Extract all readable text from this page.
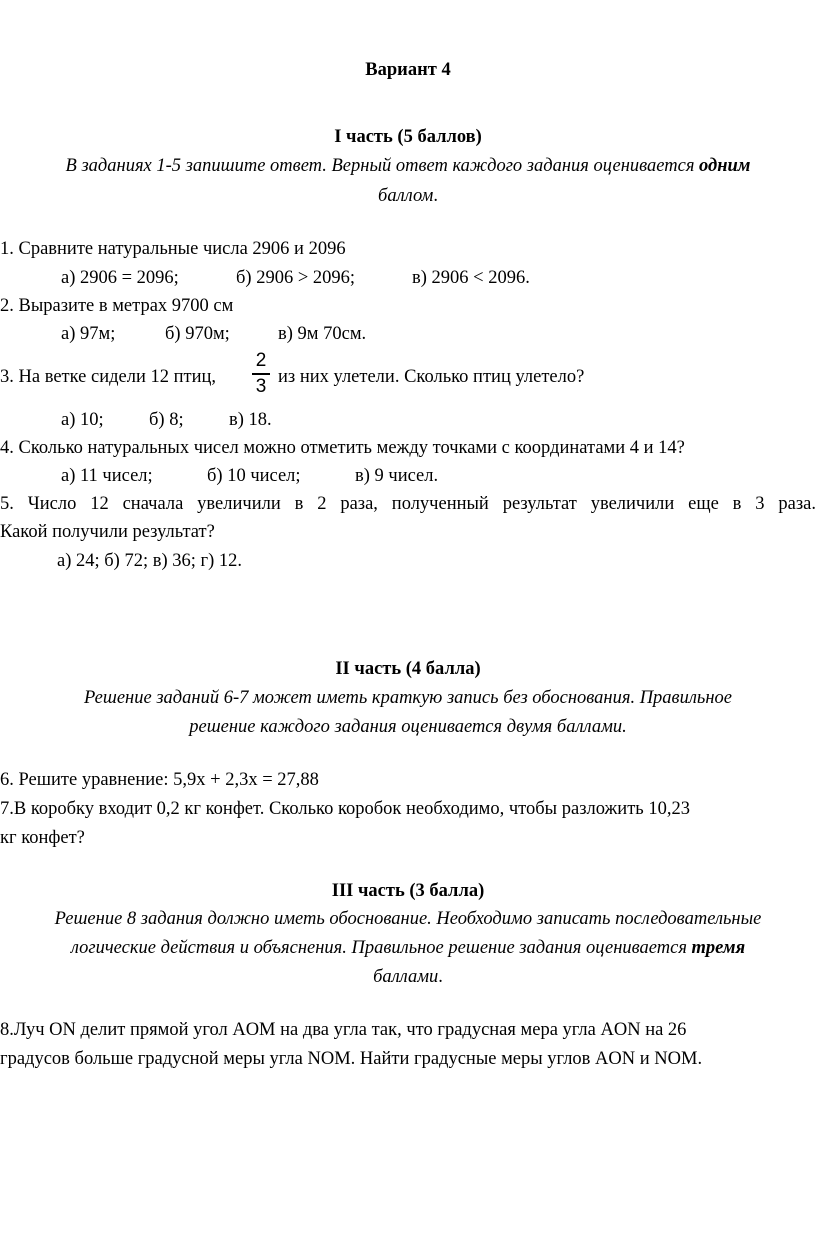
Вариант 4
I часть (5 баллов)
В заданиях 1-5 запишите ответ. Верный ответ каждого задания оценивается одним
баллом.
1. Сравните натуральные числа 2906 и 2096
а) 2906 = 2096;	б) 2906 > 2096;	в) 2906 < 2096.
2. Выразите в метрах 9700 см
а) 97м;	б) 970м;	в) 9м 70см.
3. На ветке сидели 12 птиц,
2
3 из них улетели. Сколько птиц улетело?
а) 10; б) 8; в) 18.
4. Сколько натуральных чисел можно отметить между точками с координатами 4 и 14?
а) 11 чисел;	б) 10 чисел;	в) 9 чисел.
5. Число 12 сначала увеличили в 2 раза, полученный результат увеличили еще в 3 раза.
Какой получили результат?
а) 24; б) 72; в) 36; г) 12.
II часть (4 балла)
Решение заданий 6-7 может иметь краткую запись без обоснования. Правильное
решение каждого задания оценивается двумя баллами.
6. Решите уравнение: 5,9х + 2,3х = 27,88
7.В коробку входит 0,2 кг конфет. Сколько коробок необходимо, чтобы разложить 10,23
кг конфет?
III часть (3 балла)
Решение 8 задания должно иметь обоснование. Необходимо записать последовательные
логические действия и объяснения. Правильное решение задания оценивается тремя
баллами.
8.Луч ON делит прямой угол AOM на два угла так, что градусная мера угла AON на 26
градусов больше градусной меры угла NOM. Найти градусные меры углов AON и NOM.
